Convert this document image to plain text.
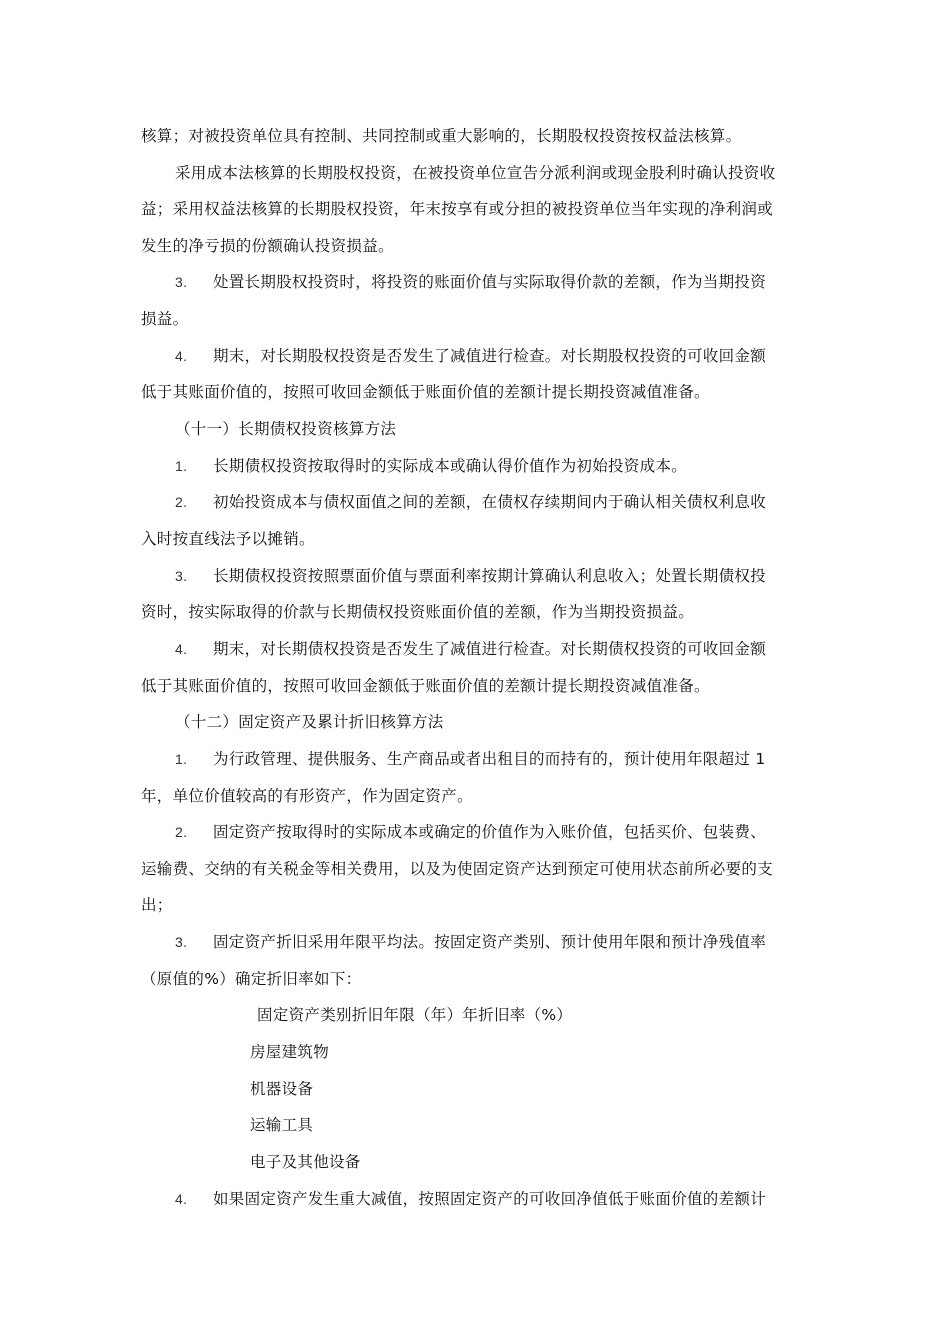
核算；对被投资单位具有控制、共同控制或重大影响的，长期股权投资按权益法核算。
采用成本法核算的长期股权投资，在被投资单位宣告分派利润或现金股利时确认投资收
益；采用权益法核算的长期股权投资，年末按享有或分担的被投资单位当年实现的净利润或
发生的净亏损的份额确认投资损益。
3. 处置长期股权投资时，将投资的账面价值与实际取得价款的差额，作为当期投资
损益。
4. 期末，对长期股权投资是否发生了减值进行检查。对长期股权投资的可收回金额
低于其账面价值的，按照可收回金额低于账面价值的差额计提长期投资减值准备。
（十一）长期债权投资核算方法
1. 长期债权投资按取得时的实际成本或确认得价值作为初始投资成本。
2. 初始投资成本与债权面值之间的差额，在债权存续期间内于确认相关债权利息收
入时按直线法予以摊销。
3. 长期债权投资按照票面价值与票面利率按期计算确认利息收入；处置长期债权投
资时，按实际取得的价款与长期债权投资账面价值的差额，作为当期投资损益。
4. 期末，对长期债权投资是否发生了减值进行检查。对长期债权投资的可收回金额
低于其账面价值的，按照可收回金额低于账面价值的差额计提长期投资减值准备。
（十二）固定资产及累计折旧核算方法
1. 为行政管理、提供服务、生产商品或者出租目的而持有的，预计使用年限超过 1
年，单位价值较高的有形资产，作为固定资产。
2. 固定资产按取得时的实际成本或确定的价值作为入账价值，包括买价、包装费、
运输费、交纳的有关税金等相关费用，以及为使固定资产达到预定可使用状态前所必要的支
出；
3. 固定资产折旧采用年限平均法。按固定资产类别、预计使用年限和预计净残值率
（原值的%）确定折旧率如下：
固定资产类别折旧年限（年）年折旧率（%）
房屋建筑物
机器设备
运输工具
电子及其他设备
4. 如果固定资产发生重大减值，按照固定资产的可收回净值低于账面价值的差额计
